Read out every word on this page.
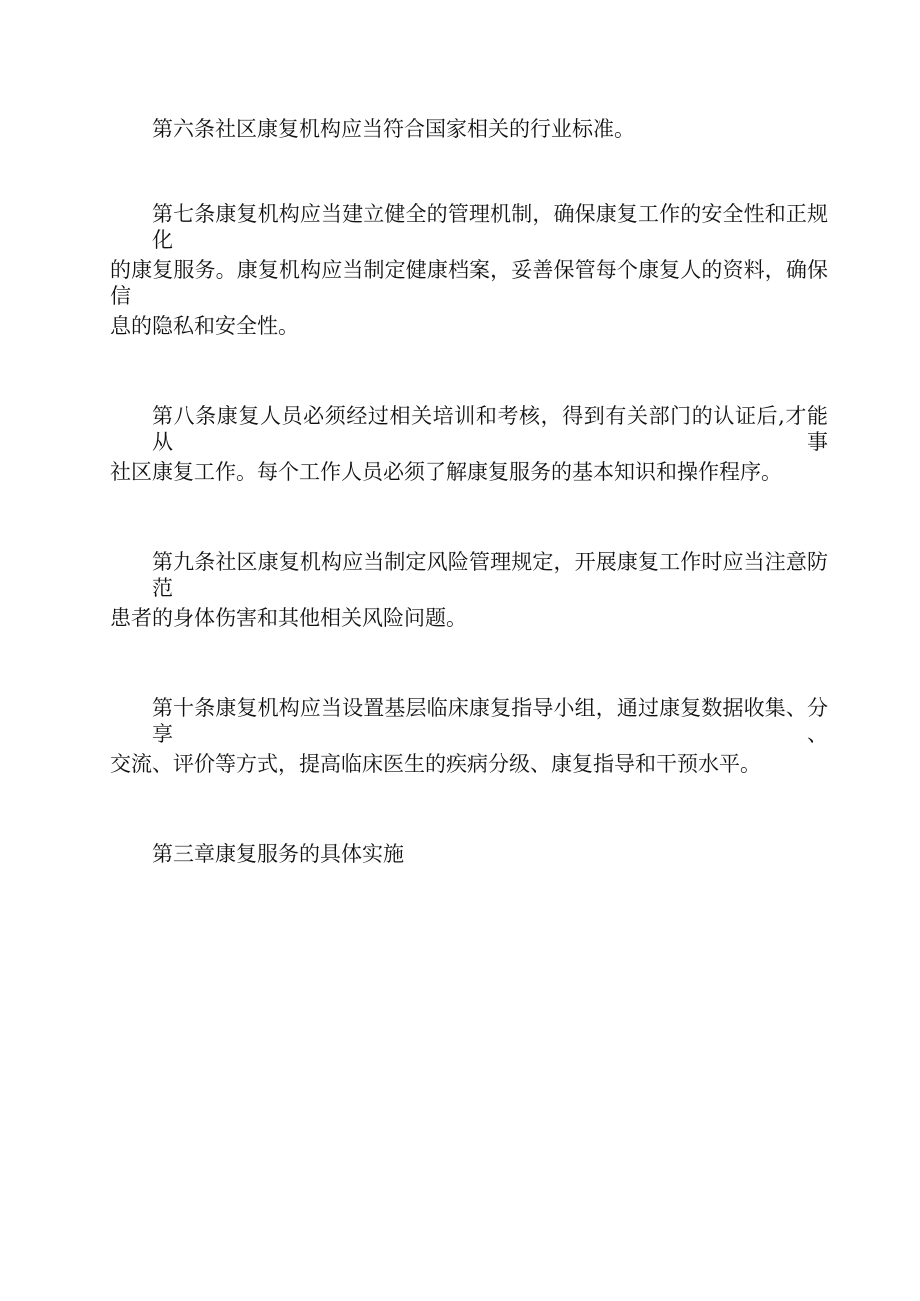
第六条社区康复机构应当符合国家相关的行业标准。

第七条康复机构应当建立健全的管理机制，确保康复工作的安全性和正规化

的康复服务。康复机构应当制定健康档案，妥善保管每个康复人的资料，确保信

息的隐私和安全性。

第八条康复人员必须经过相关培训和考核，得到有关部门的认证后,才能从事

社区康复工作。每个工作人员必须了解康复服务的基本知识和操作程序。

第九条社区康复机构应当制定风险管理规定，开展康复工作时应当注意防范

患者的身体伤害和其他相关风险问题。

第十条康复机构应当设置基层临床康复指导小组，通过康复数据收集、分享、

交流、评价等方式，提高临床医生的疾病分级、康复指导和干预水平。

第三章康复服务的具体实施
